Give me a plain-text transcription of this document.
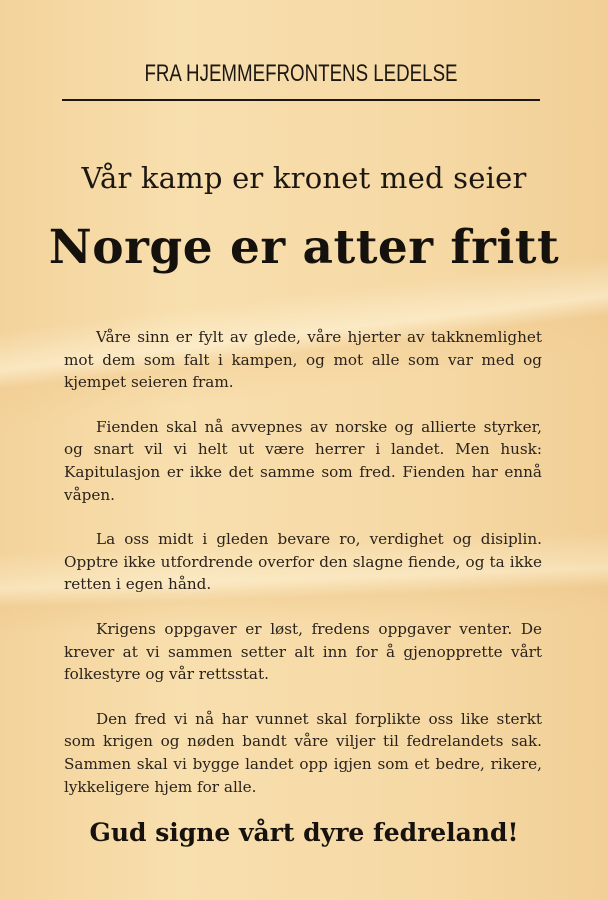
FRA HJEMMEFRONTENS LEDELSE
Vår kamp er kronet med seier
Norge er atter fritt

Våre sinn er fylt av glede, våre hjerter av takknemlighet mot dem som falt i kampen, og mot alle som var med og kjempet seieren fram.

Fienden skal nå avvepnes av norske og allierte styrker, og snart vil vi helt ut være herrer i landet. Men husk: Kapitulasjon er ikke det samme som fred. Fienden har ennå våpen.

La oss midt i gleden bevare ro, verdighet og disiplin. Opptre ikke utfordrende overfor den slagne fiende, og ta ikke retten i egen hånd.

Krigens oppgaver er løst, fredens oppgaver venter. De krever at vi sammen setter alt inn for å gjenopprette vårt folkestyre og vår rettsstat.

Den fred vi nå har vunnet skal forplikte oss like sterkt som krigen og nøden bandt våre viljer til fedrelandets sak. Sammen skal vi bygge landet opp igjen som et bedre, rikere, lykkeligere hjem for alle.

Gud signe vårt dyre fedreland!
